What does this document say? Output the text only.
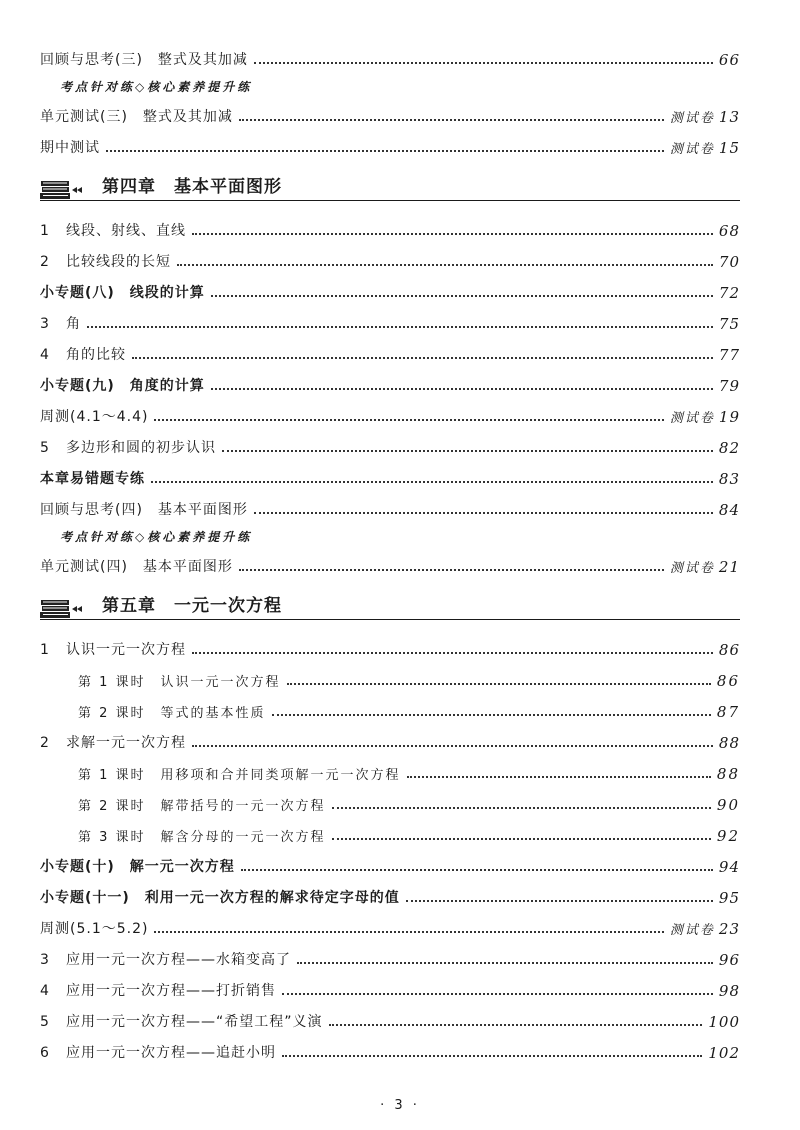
回顾与思考(三)　整式及其加减	66
考点针对练◇核心素养提升练
单元测试(三)　整式及其加减	测试卷 13
期中测试	测试卷 15
第四章　基本平面图形
1 线段、射线、直线	68
2 比较线段的长短	70
小专题(八)　线段的计算	72
3 角	75
4 角的比较	77
小专题(九)　角度的计算	79
周测(4.1～4.4)	测试卷 19
5 多边形和圆的初步认识	82
本章易错题专练	83
回顾与思考(四)　基本平面图形	84
考点针对练◇核心素养提升练
单元测试(四)　基本平面图形	测试卷 21
第五章　一元一次方程
1 认识一元一次方程	86
第 1 课时　认识一元一次方程	86
第 2 课时　等式的基本性质	87
2 求解一元一次方程	88
第 1 课时　用移项和合并同类项解一元一次方程	88
第 2 课时　解带括号的一元一次方程	90
第 3 课时　解含分母的一元一次方程	92
小专题(十)　解一元一次方程	94
小专题(十一)　利用一元一次方程的解求待定字母的值	95
周测(5.1～5.2)	测试卷 23
3 应用一元一次方程——水箱变高了	96
4 应用一元一次方程——打折销售	98
5 应用一元一次方程——“希望工程”义演	100
6 应用一元一次方程——追赶小明	102
· 3 ·
